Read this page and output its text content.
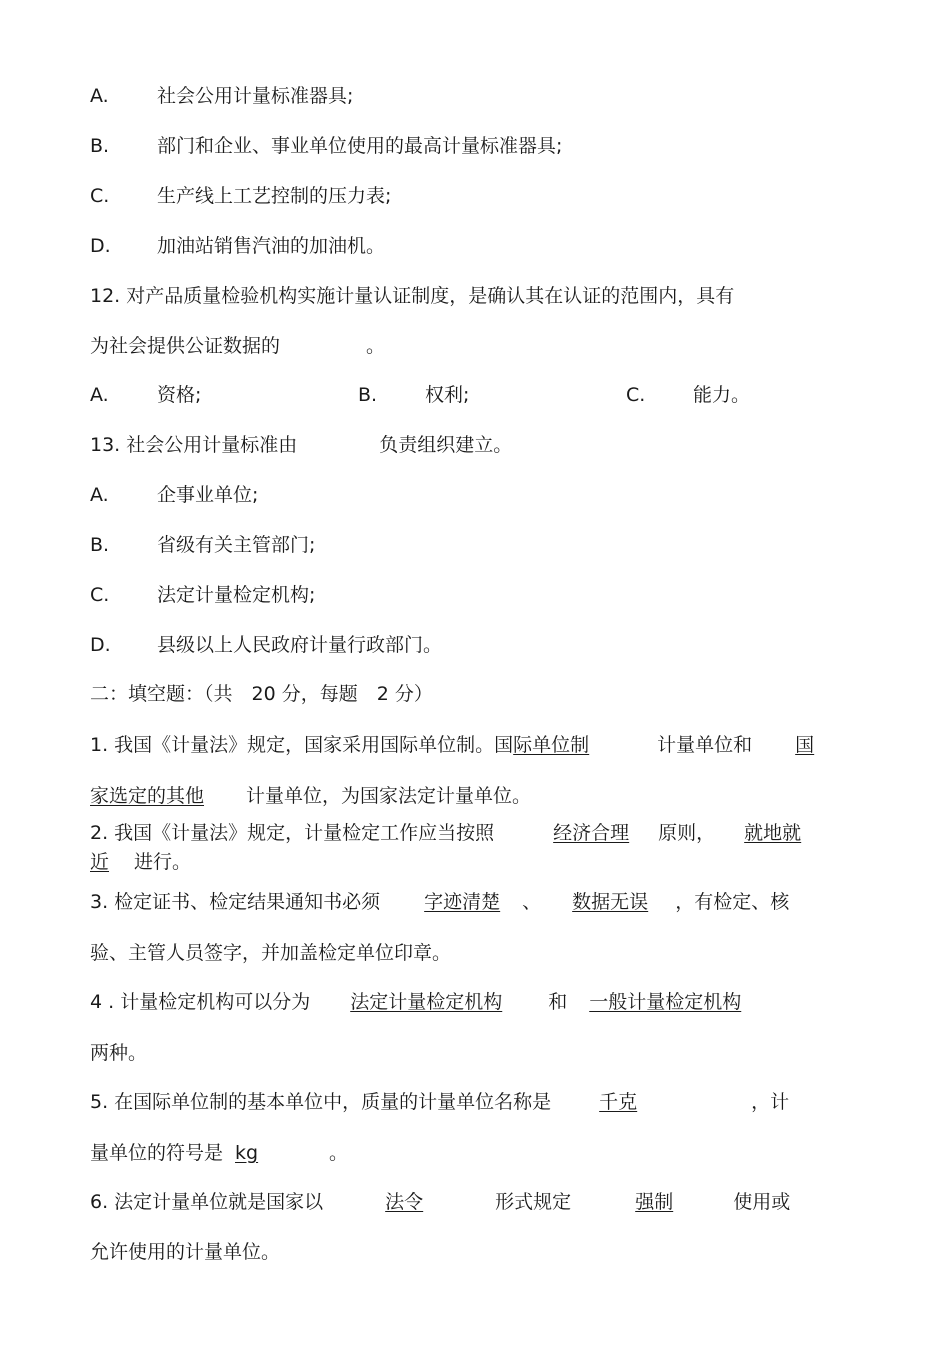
A.	社会公用计量标准器具;
B.	部门和企业、事业单位使用的最高计量标准器具;
C.	生产线上工艺控制的压力表;
D. 加油站销售汽油的加油机。
12. 对产品质量检验机构实施计量认证制度，是确认其在认证的范围内，具有
为社会提供公证数据的	。
A.	资格;	B.	权利;	C.	能力。
13. 社会公用计量标准由	负责组织建立。
A.	企事业单位;
B.	省级有关主管部门;
C.	法定计量检定机构;
D. 县级以上人民政府计量行政部门。
二：填空题：（共　20 分，每题　2 分）
1. 我国《计量法》规定，国家采用国际单位制。国际单位制	计量单位和 国
家选定的其他 计量单位，为国家法定计量单位。
2. 我国《计量法》规定，计量检定工作应当按照	经济合理 原则， 就地就
近 进行。
3. 检定证书、检定结果通知书必须 字迹清楚 、 数据无误 ，有检定、核
验、主管人员签字，并加盖检定单位印章。
4 . 计量检定机构可以分为 法定计量检定机构 和 一般计量检定机构
两种。
5. 在国际单位制的基本单位中，质量的计量单位名称是	千克	，计
量单位的符号是 kg	。
6. 法定计量单位就是国家以	法令	形式规定	强制	使用或
允许使用的计量单位。
